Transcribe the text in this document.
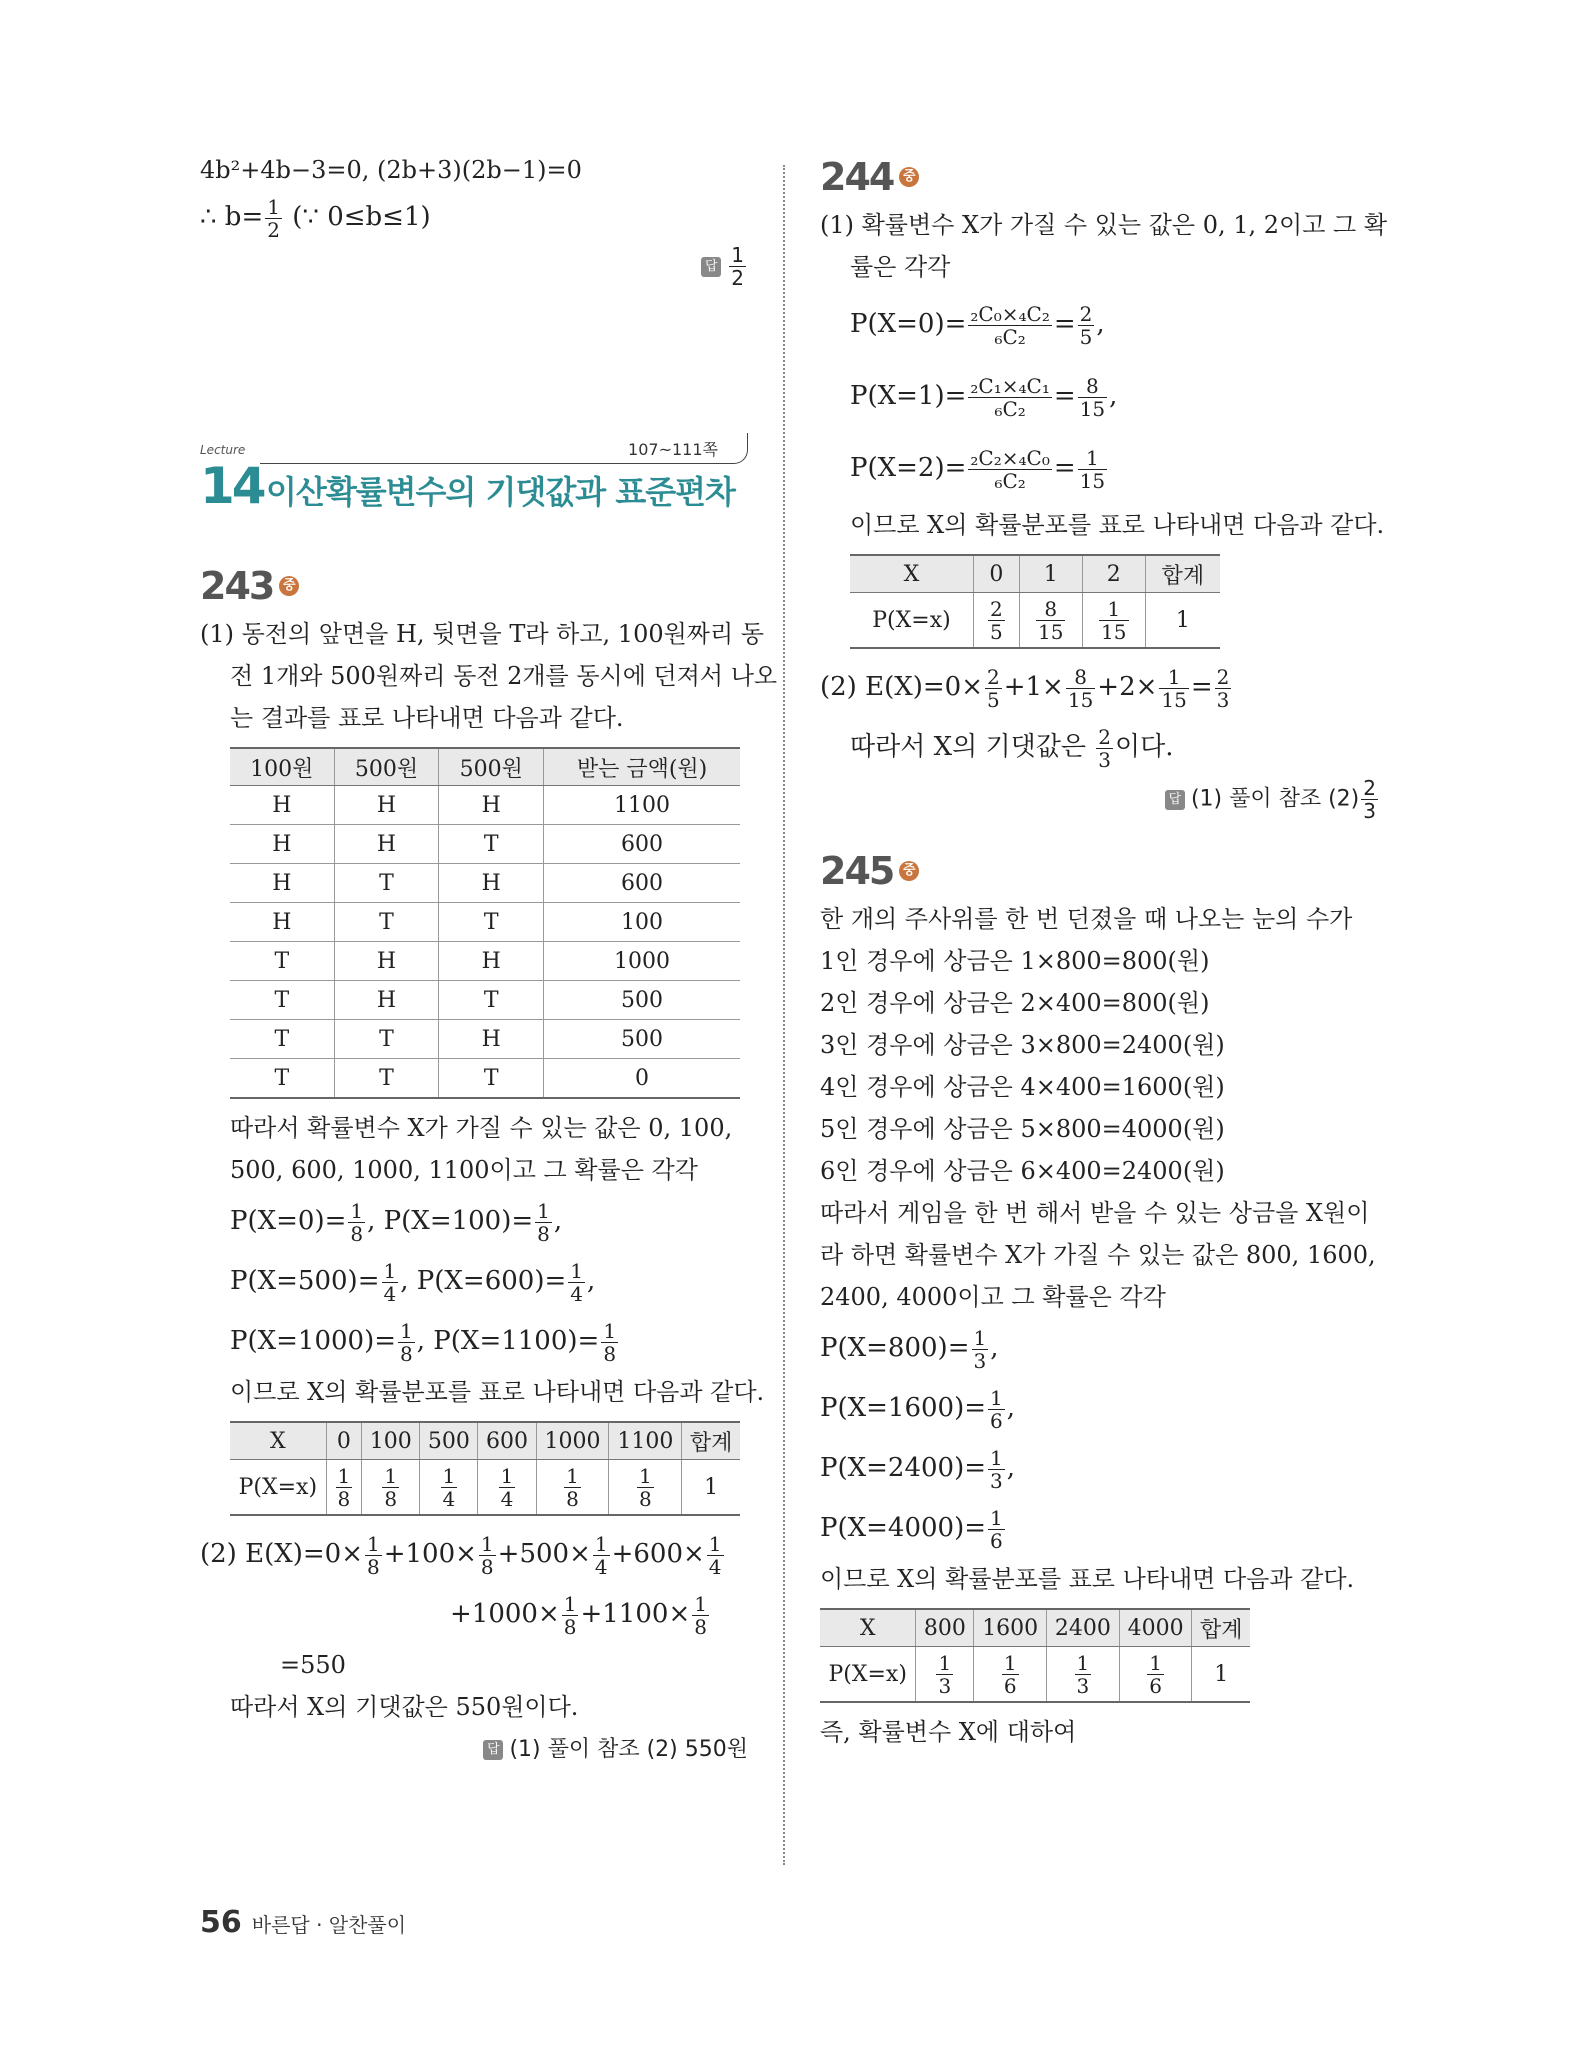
4b²+4b−3=0, (2b+3)(2b−1)=0
∴ $b= \frac{1}{2}$ (∵ 0≤b≤1)
답 $\frac{1}{2}$
Lecture	107~111쪽
14 이산확률변수의 기댓값과 표준편차
243 중
(1) 동전의 앞면을 H, 뒷면을 T라 하고, 100원짜리 동
전 1개와 500원짜리 동전 2개를 동시에 던져서 나오
는 결과를 표로 나타내면 다음과 같다.
100원	500원	500원	받는 금액(원)
H	H	H	1100
H	H	T	600
H	T	H	600
H	T	T	100
T	H	H	1000
T	H	T	500
T	T	H	500
T	T	T	0
따라서 확률변수 X가 가질 수 있는 값은 0, 100,
500, 600, 1000, 1100이고 그 확률은 각각
$P(X=0)= \frac{1}{8}$ , $P(X=100)= \frac{1}{8}$ ,
$P(X=500)= \frac{1}{4}$ , $P(X=600)= \frac{1}{4}$ ,
$P(X=1000)= \frac{1}{8}$ , $P(X=1100)= \frac{1}{8}$
이므로 X의 확률분포를 표로 나타내면 다음과 같다.
X	0	100	500	600	1000	1100	합계
P(X=x)	$\frac{1}{8}$	$\frac{1}{8}$	$\frac{1}{4}$	$\frac{1}{4}$	$\frac{1}{8}$	$\frac{1}{8}$	1
(2) $E(X)=0\times \frac{1}{8} +100\times \frac{1}{8} +500\times \frac{1}{4} +600\times \frac{1}{4}$
$+1000\times \frac{1}{8} +1100\times \frac{1}{8}$
=550
따라서 X의 기댓값은 550원이다.
답 (1) 풀이 참조 (2) 550원
244 중
(1) 확률변수 X가 가질 수 있는 값은 0, 1, 2이고 그 확
률은 각각
$P(X=0)= \frac{\text{₂C₀×₄C₂}}{\text{₆C₂}} = \frac{2}{5}$ ,
$P(X=1)= \frac{\text{₂C₁×₄C₁}}{\text{₆C₂}} = \frac{8}{15}$ ,
$P(X=2)= \frac{\text{₂C₂×₄C₀}}{\text{₆C₂}} = \frac{1}{15}$
이므로 X의 확률분포를 표로 나타내면 다음과 같다.
X	0	1	2	합계
P(X=x)	$\frac{2}{5}$	$\frac{8}{15}$	$\frac{1}{15}$	1
(2) $E(X)=0\times \frac{2}{5} +1\times \frac{8}{15} +2\times \frac{1}{15} = \frac{2}{3}$
따라서 X의 기댓값은 $\frac{2}{3}$ 이다.
답 (1) 풀이 참조 $(2) \frac{2}{3}$
245 중
한 개의 주사위를 한 번 던졌을 때 나오는 눈의 수가
1인 경우에 상금은 1×800=800(원)
2인 경우에 상금은 2×400=800(원)
3인 경우에 상금은 3×800=2400(원)
4인 경우에 상금은 4×400=1600(원)
5인 경우에 상금은 5×800=4000(원)
6인 경우에 상금은 6×400=2400(원)
따라서 게임을 한 번 해서 받을 수 있는 상금을 X원이
라 하면 확률변수 X가 가질 수 있는 값은 800, 1600,
2400, 4000이고 그 확률은 각각
$P(X=800)= \frac{1}{3}$ ,
$P(X=1600)= \frac{1}{6}$ ,
$P(X=2400)= \frac{1}{3}$ ,
$P(X=4000)= \frac{1}{6}$
이므로 X의 확률분포를 표로 나타내면 다음과 같다.
X	800	1600	2400	4000	합계
P(X=x)	$\frac{1}{3}$	$\frac{1}{6}$	$\frac{1}{3}$	$\frac{1}{6}$	1
즉, 확률변수 X에 대하여
56 바른답 · 알찬풀이
